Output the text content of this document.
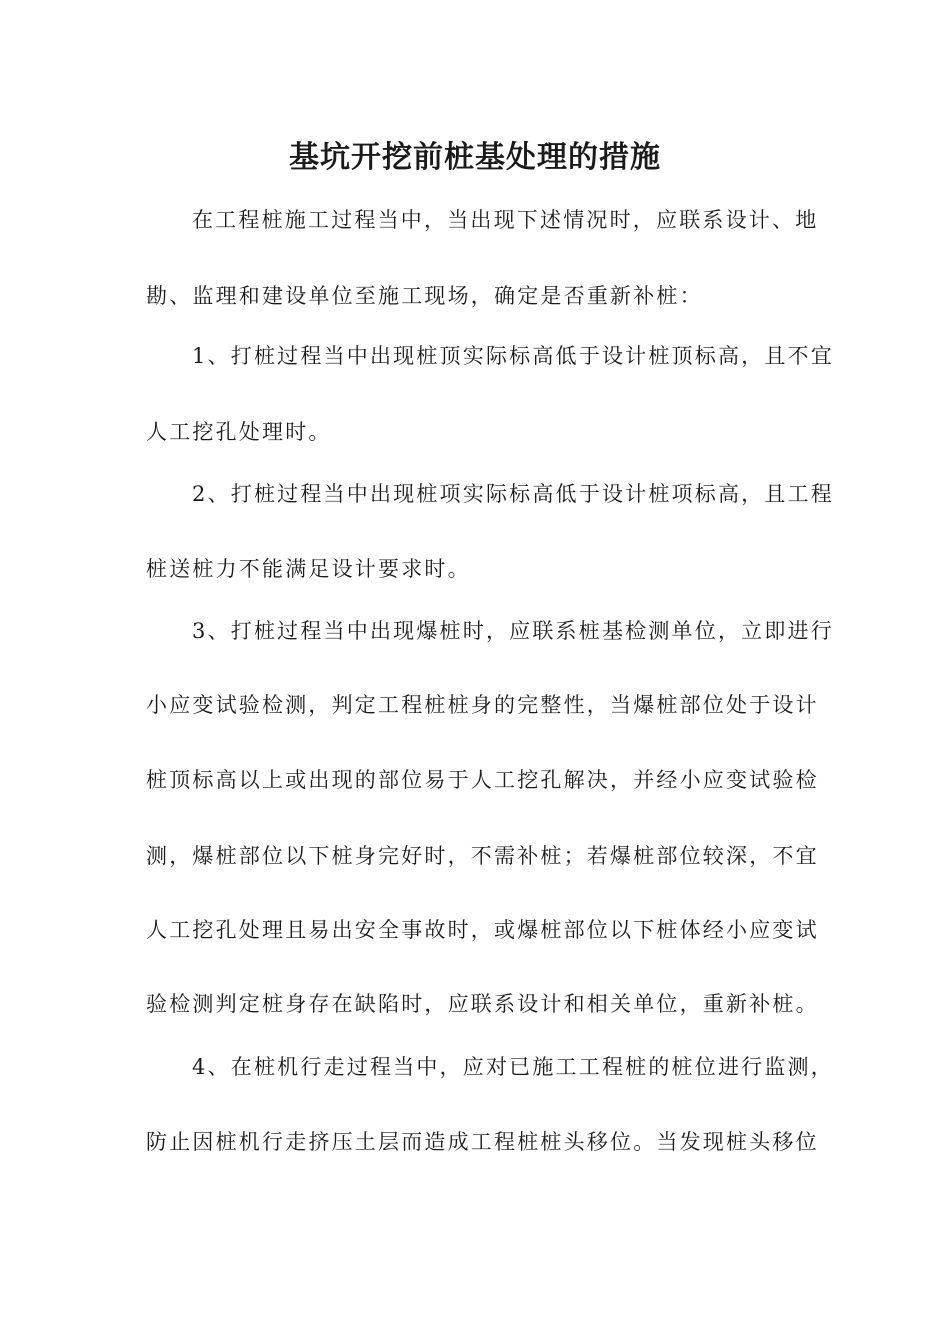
基坑开挖前桩基处理的措施
在工程桩施工过程当中，当出现下述情况时，应联系设计、地
勘、监理和建设单位至施工现场，确定是否重新补桩：
1、打桩过程当中出现桩顶实际标高低于设计桩顶标高，且不宜
人工挖孔处理时。
2、打桩过程当中出现桩项实际标高低于设计桩项标高，且工程
桩送桩力不能满足设计要求时。
3、打桩过程当中出现爆桩时，应联系桩基检测单位，立即进行
小应变试验检测，判定工程桩桩身的完整性，当爆桩部位处于设计
桩顶标高以上或出现的部位易于人工挖孔解决，并经小应变试验检
测，爆桩部位以下桩身完好时，不需补桩；若爆桩部位较深，不宜
人工挖孔处理且易出安全事故时，或爆桩部位以下桩体经小应变试
验检测判定桩身存在缺陷时，应联系设计和相关单位，重新补桩。
4、在桩机行走过程当中，应对已施工工程桩的桩位进行监测，
防止因桩机行走挤压土层而造成工程桩桩头移位。当发现桩头移位
